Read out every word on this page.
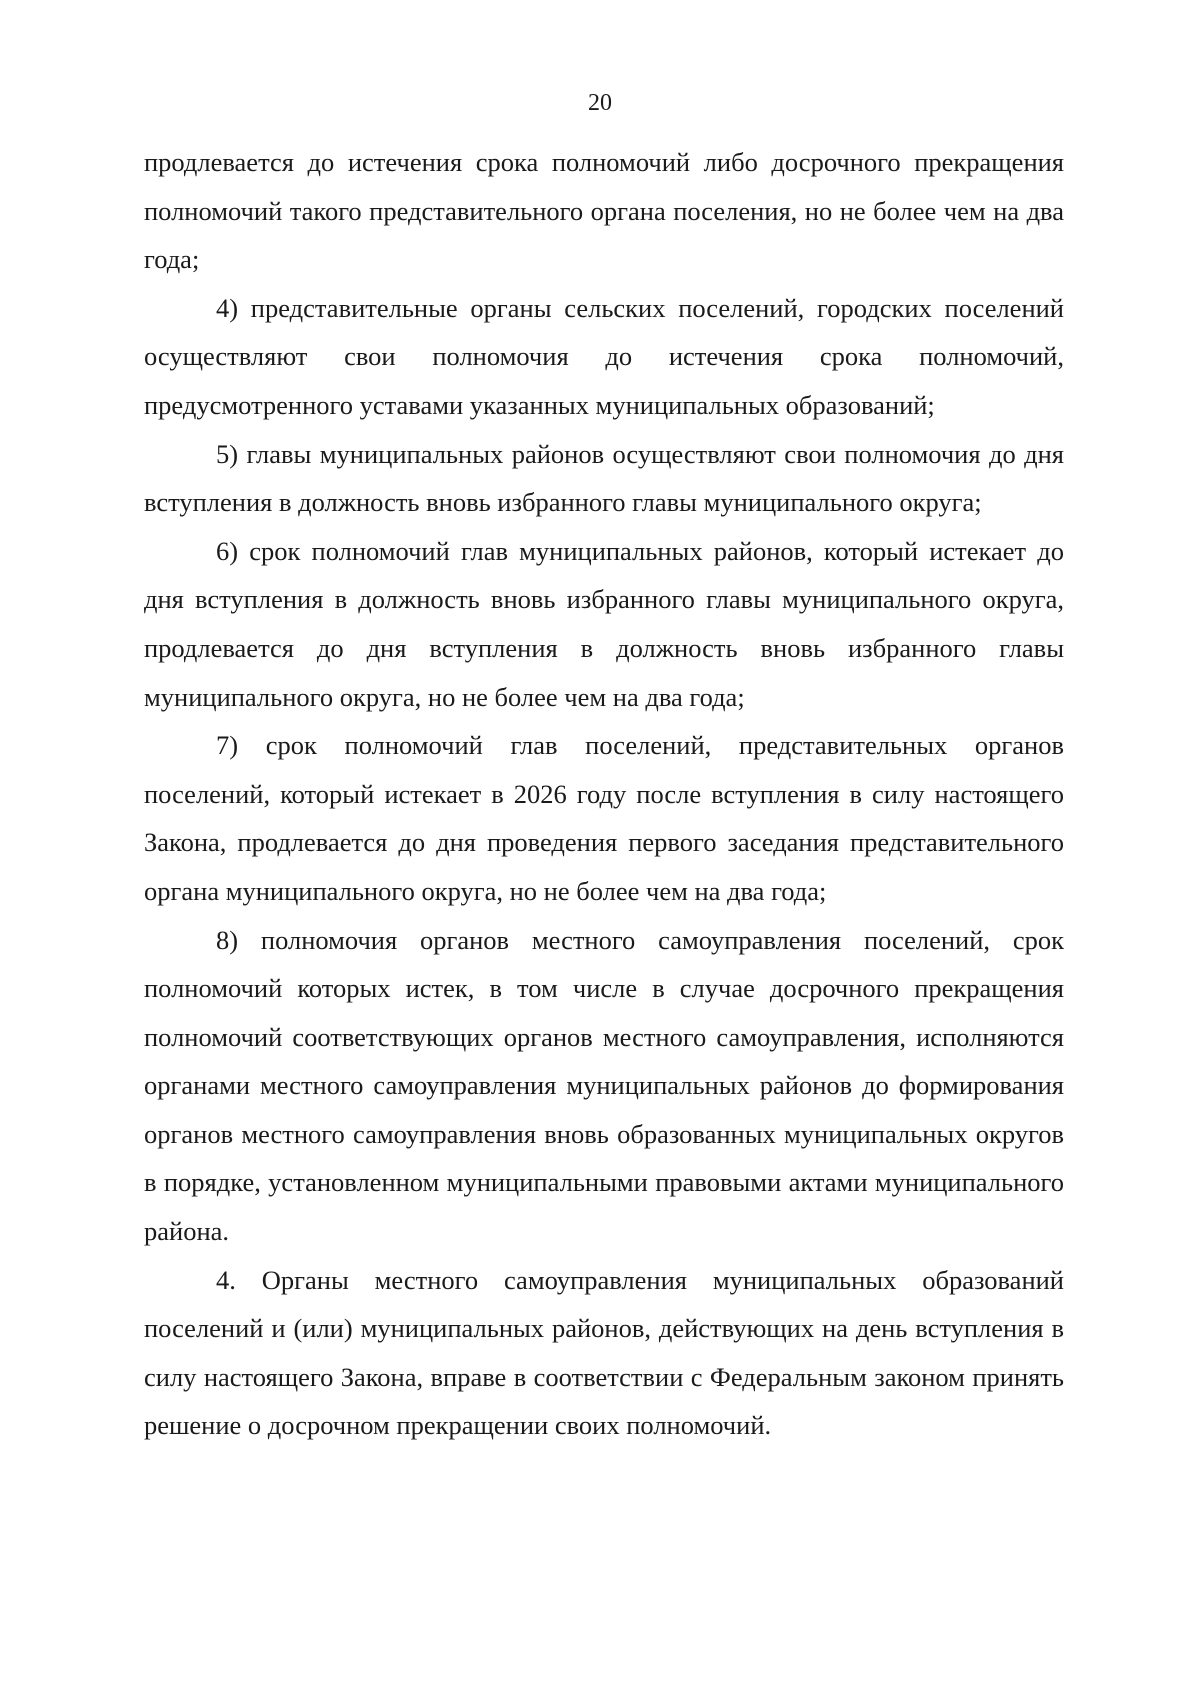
20

продлевается до истечения срока полномочий либо досрочного прекращения полномочий такого представительного органа поселения, но не более чем на два года;

4) представительные органы сельских поселений, городских поселений осуществляют свои полномочия до истечения срока полномочий, предусмотренного уставами указанных муниципальных образований;

5) главы муниципальных районов осуществляют свои полномочия до дня вступления в должность вновь избранного главы муниципального округа;

6) срок полномочий глав муниципальных районов, который истекает до дня вступления в должность вновь избранного главы муниципального округа, продлевается до дня вступления в должность вновь избранного главы муниципального округа, но не более чем на два года;

7) срок полномочий глав поселений, представительных органов поселений, который истекает в 2026 году после вступления в силу настоящего Закона, продлевается до дня проведения первого заседания представительного органа муниципального округа, но не более чем на два года;

8) полномочия органов местного самоуправления поселений, срок полномочий которых истек, в том числе в случае досрочного прекращения полномочий соответствующих органов местного самоуправления, исполняются органами местного самоуправления муниципальных районов до формирования органов местного самоуправления вновь образованных муниципальных округов в порядке, установленном муниципальными правовыми актами муниципального района.

4. Органы местного самоуправления муниципальных образований поселений и (или) муниципальных районов, действующих на день вступления в силу настоящего Закона, вправе в соответствии с Федеральным законом принять решение о досрочном прекращении своих полномочий.
